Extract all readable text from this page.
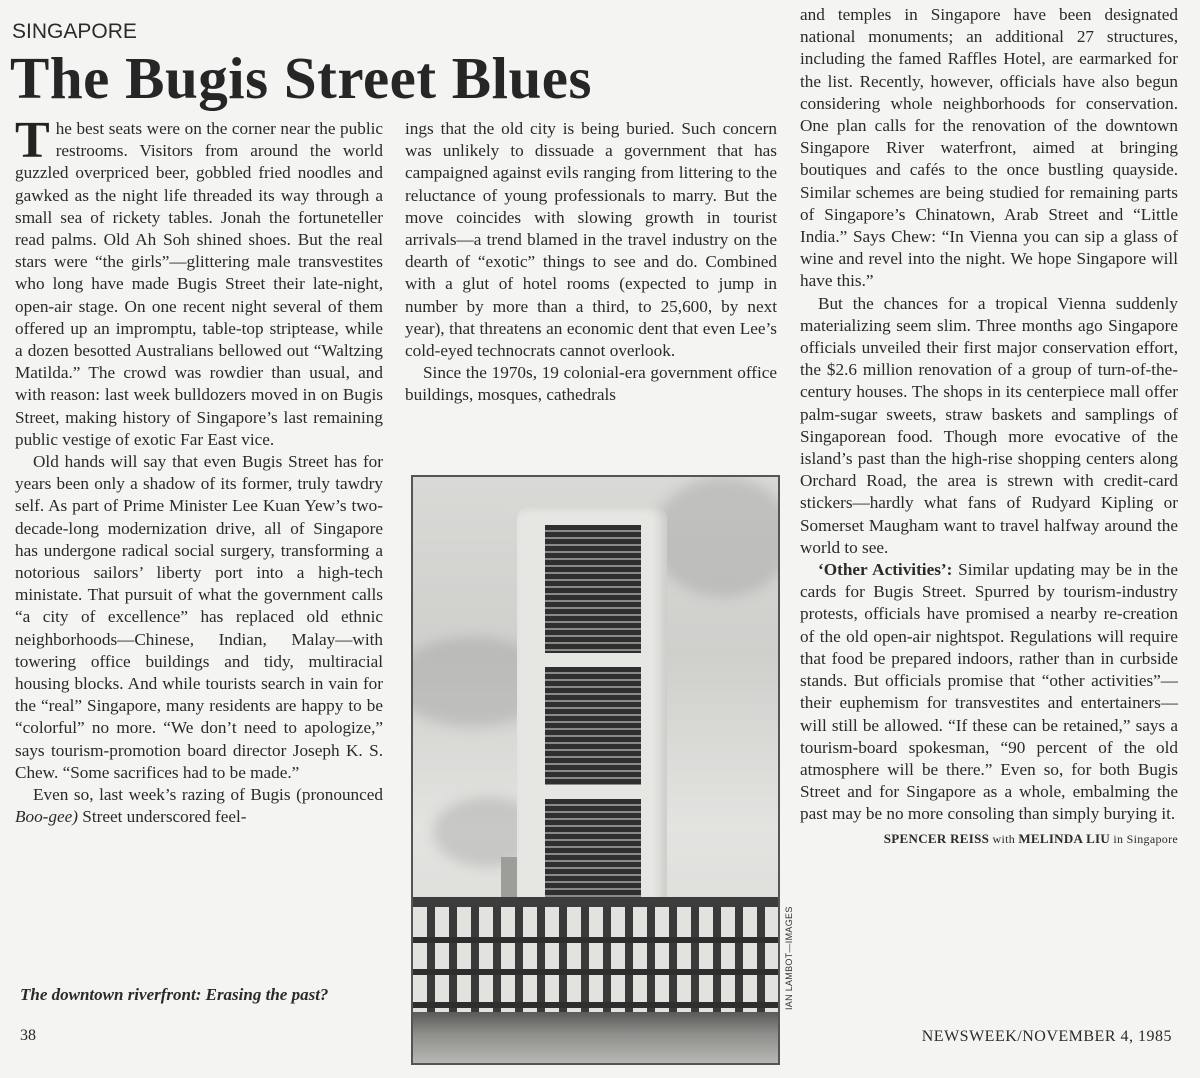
SINGAPORE
The Bugis Street Blues

The best seats were on the corner near the public restrooms. Visitors from around the world guzzled overpriced beer, gobbled fried noodles and gawked as the night life threaded its way through a small sea of rickety tables. Jonah the fortuneteller read palms. Old Ah Soh shined shoes. But the real stars were “the girls”—glittering male transvestites who long have made Bugis Street their late-night, open-air stage. On one recent night several of them offered up an impromptu, table-top striptease, while a dozen besotted Australians bellowed out “Waltzing Matilda.” The crowd was rowdier than usual, and with reason: last week bulldozers moved in on Bugis Street, making history of Singapore’s last remaining public vestige of exotic Far East vice.

Old hands will say that even Bugis Street has for years been only a shadow of its former, truly tawdry self. As part of Prime Minister Lee Kuan Yew’s two-decade-long modernization drive, all of Singapore has undergone radical social surgery, transforming a notorious sailors’ liberty port into a high-tech ministate. That pursuit of what the government calls “a city of excellence” has replaced old ethnic neighborhoods—Chinese, Indian, Malay—with towering office buildings and tidy, multiracial housing blocks. And while tourists search in vain for the “real” Singapore, many residents are happy to be “colorful” no more. “We don’t need to apologize,” says tourism-promotion board director Joseph K. S. Chew. “Some sacrifices had to be made.”

Even so, last week’s razing of Bugis (pronounced Boo-gee) Street underscored feel-

ings that the old city is being buried. Such concern was unlikely to dissuade a government that has campaigned against evils ranging from littering to the reluctance of young professionals to marry. But the move coincides with slowing growth in tourist arrivals—a trend blamed in the travel industry on the dearth of “exotic” things to see and do. Combined with a glut of hotel rooms (expected to jump in number by more than a third, to 25,600, by next year), that threatens an economic dent that even Lee’s cold-eyed technocrats cannot overlook.

Since the 1970s, 19 colonial-era government office buildings, mosques, cathedrals

and temples in Singapore have been designated national monuments; an additional 27 structures, including the famed Raffles Hotel, are earmarked for the list. Recently, however, officials have also begun considering whole neighborhoods for conservation. One plan calls for the renovation of the downtown Singapore River waterfront, aimed at bringing boutiques and cafés to the once bustling quayside. Similar schemes are being studied for remaining parts of Singapore’s Chinatown, Arab Street and “Little India.” Says Chew: “In Vienna you can sip a glass of wine and revel into the night. We hope Singapore will have this.”

But the chances for a tropical Vienna suddenly materializing seem slim. Three months ago Singapore officials unveiled their first major conservation effort, the $2.6 million renovation of a group of turn-of-the-century houses. The shops in its centerpiece mall offer palm-sugar sweets, straw baskets and samplings of Singaporean food. Though more evocative of the island’s past than the high-rise shopping centers along Orchard Road, the area is strewn with credit-card stickers—hardly what fans of Rudyard Kipling or Somerset Maugham want to travel halfway around the world to see.

‘Other Activities’: Similar updating may be in the cards for Bugis Street. Spurred by tourism-industry protests, officials have promised a nearby re-creation of the old open-air nightspot. Regulations will require that food be prepared indoors, rather than in curbside stands. But officials promise that “other activities”—their euphemism for transvestites and entertainers—will still be allowed. “If these can be retained,” says a tourism-board spokesman, “90 percent of the old atmosphere will be there.” Even so, for both Bugis Street and for Singapore as a whole, embalming the past may be no more consoling than simply burying it.

SPENCER REISS with MELINDA LIU in Singapore
IAN LAMBOT—IMAGES
The downtown riverfront: Erasing the past?
38	NEWSWEEK/NOVEMBER 4, 1985
